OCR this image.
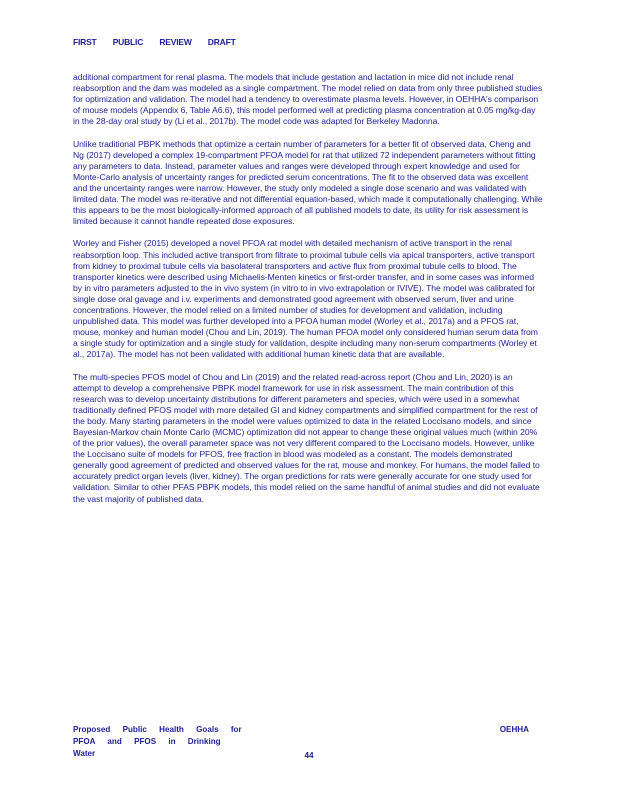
FIRST PUBLIC REVIEW DRAFT

additional compartment for renal plasma. The models that include gestation and lactation in mice did not include renal reabsorption and the dam was modeled as a single compartment. The model relied on data from only three published studies for optimization and validation. The model had a tendency to overestimate plasma levels. However, in OEHHA's comparison of mouse models (Appendix 6, Table A6.6), this model performed well at predicting plasma concentration at 0.05 mg/kg-day in the 28-day oral study by (Li et al., 2017b). The model code was adapted for Berkeley Madonna.

Unlike traditional PBPK methods that optimize a certain number of parameters for a better fit of observed data, Cheng and Ng (2017) developed a complex 19-compartment PFOA model for rat that utilized 72 independent parameters without fitting any parameters to data. Instead, parameter values and ranges were developed through expert knowledge and used for Monte-Carlo analysis of uncertainty ranges for predicted serum concentrations. The fit to the observed data was excellent and the uncertainty ranges were narrow. However, the study only modeled a single dose scenario and was validated with limited data. The model was re-iterative and not differential equation-based, which made it computationally challenging. While this appears to be the most biologically-informed approach of all published models to date, its utility for risk assessment is limited because it cannot handle repeated dose exposures.

Worley and Fisher (2015) developed a novel PFOA rat model with detailed mechanism of active transport in the renal reabsorption loop. This included active transport from filtrate to proximal tubule cells via apical transporters, active transport from kidney to proximal tubule cells via basolateral transporters and active flux from proximal tubule cells to blood. The transporter kinetics were described using Michaelis-Menten kinetics or first-order transfer, and in some cases was informed by in vitro parameters adjusted to the in vivo system (in vitro to in vivo extrapolation or IVIVE). The model was calibrated for single dose oral gavage and i.v. experiments and demonstrated good agreement with observed serum, liver and urine concentrations. However, the model relied on a limited number of studies for development and validation, including unpublished data. This model was further developed into a PFOA human model (Worley et al., 2017a) and a PFOS rat, mouse, monkey and human model (Chou and Lin, 2019). The human PFOA model only considered human serum data from a single study for optimization and a single study for validation, despite including many non-serum compartments (Worley et al., 2017a). The model has not been validated with additional human kinetic data that are available.

The multi-species PFOS model of Chou and Lin (2019) and the related read-across report (Chou and Lin, 2020) is an attempt to develop a comprehensive PBPK model framework for use in risk assessment. The main contribution of this research was to develop uncertainty distributions for different parameters and species, which were used in a somewhat traditionally defined PFOS model with more detailed GI and kidney compartments and simplified compartment for the rest of the body. Many starting parameters in the model were values optimized to data in the related Loccisano models, and since Bayesian-Markov chain Monte Carlo (MCMC) optimization did not appear to change these original values much (within 20% of the prior values), the overall parameter space was not very different compared to the Loccisano models. However, unlike the Loccisano suite of models for PFOS, free fraction in blood was modeled as a constant. The models demonstrated generally good agreement of predicted and observed values for the rat, mouse and monkey. For humans, the model failed to accurately predict organ levels (liver, kidney). The organ predictions for rats were generally accurate for one study used for validation. Similar to other PFAS PBPK models, this model relied on the same handful of animal studies and did not evaluate the vast majority of published data.

Proposed Public Health Goals for PFOA and PFOS in Drinking Water
OEHHA
44
